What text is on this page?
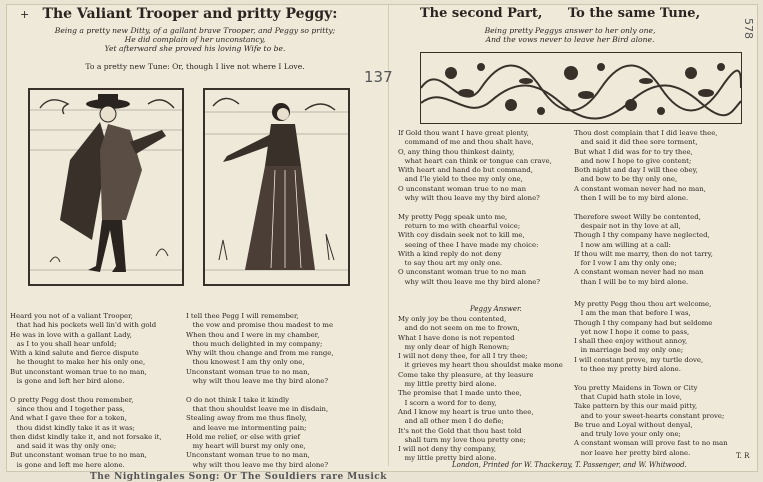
+ The Valiant Trooper and pritty Peggy:
Being a pretty new Ditty, of a gallant brave Trooper, and Peggy so pritty;
He did complain of her unconstancy,
Yet afterward she proved his loving Wife to be.
To a pretty new Tune: Or, though I live not where I Love.
Heard you not of a valiant Trooper,
that had his pockets well lin'd with gold
He was in love with a gallant Lady,
as I to you shall hear unfold;
With a kind salute and fierce dispute
he thought to make her his only one,
But unconstant woman true to no man,
is gone and left her bird alone.

O pretty Pegg dost thou remember,
since thou and I together pass,
And what I gave thee for a token,
thou didst kindly take it as it was;
then didst kindly take it, and not forsake it,
and said it was thy only one;
But unconstant woman true to no man,
is gone and left me here alone.
I tell thee Pegg I will remember,
the vow and promise thou madest to me
When thou and I were in my chamber,
thou much delighted in my company;
Why wilt thou change and from me range,
thou knowest I am thy only one,
Unconstant woman true to no man,
why wilt thou leave me thy bird alone?

O do not think I take it kindly
that thou shouldst leave me in disdain,
Stealing away from me thus finely,
and leave me intormenting pain;
Hold me relief, or else with grief
my heart will burst my only one,
Unconstant woman true to no man,
why wilt thou leave me thy bird alone?
The second Part, To the same Tune,
Being pretty Peggys answer to her only one,
And the vows never to leave her Bird alone.
578
137
If Gold thou want I have great plenty,
command of me and thou shalt have,
O, any thing thou thinkest dainty,
what heart can think or tongue can crave,
With heart and hand do but command,
and I'le yield to thee my only one,
O unconstant woman true to no man
why wilt thou leave my thy bird alone?

My pretty Pegg speak unto me,
return to me with chearful voice;
With coy disdain seek not to kill me,
seeing of thee I have made my choice:
With a kind reply do not deny
to say thou art my only one.
O unconstant woman true to no man
why wilt thou leave me thy bird alone?
Thou dost complain that I did leave thee,
and said it did thee sore torment,
But what I did was for to try thee,
and now I hope to give content;
Both night and day I will thee obey,
and bow to be thy only one,
A constant woman never had no man,
then I will be to my bird alone.

Therefore sweet Willy be contented,
despair not in thy love at all,
Though I thy company have neglected,
I now am willing at a call:
If thou wilt me marry, then do not tarry,
for I vow I am thy only one;
A constant woman never had no man
than I will be to my bird alone.
Peggy Answer.
My only joy be thou contented,
and do not seem on me to frown,
What I have done is not repented
my only dear of high Renown;
I will not deny thee, for all I try thee;
it grieves my heart thou shouldst make mone
Come take thy pleasure, at thy leasure
my little pretty bird alone.
The promise that I made unto thee,
I scorn a word for to deny,
And I know my heart is true unto thee,
and all other men I do defie;
It's not the Gold that thou hast told
shall turn my love thou pretty one;
I will not deny thy company,
my little pretty bird alone.
My pretty Pegg thou thou art welcome,
I am the man that before I was,
Though I thy company had but seldome
yet now I hope it come to pass,
I shall thee enjoy without annoy,
in marriage bed my only one;
I will constant prove, my turtle dove,
to thee my pretty bird alone.

You pretty Maidens in Town or City
that Cupid hath stole in love,
Take pattern by this our maid pitty,
and to your sweet-hearts constant prove;
Be true and Loyal without denyal,
and truly love your only one;
A constant woman will prove fast to no man
nor leave her pretty bird alone.
London, Printed for W. Thackeray, T. Passenger, and W. Whitwood.
T. R
The Nightingales Song: Or The Souldiers rare Musick
